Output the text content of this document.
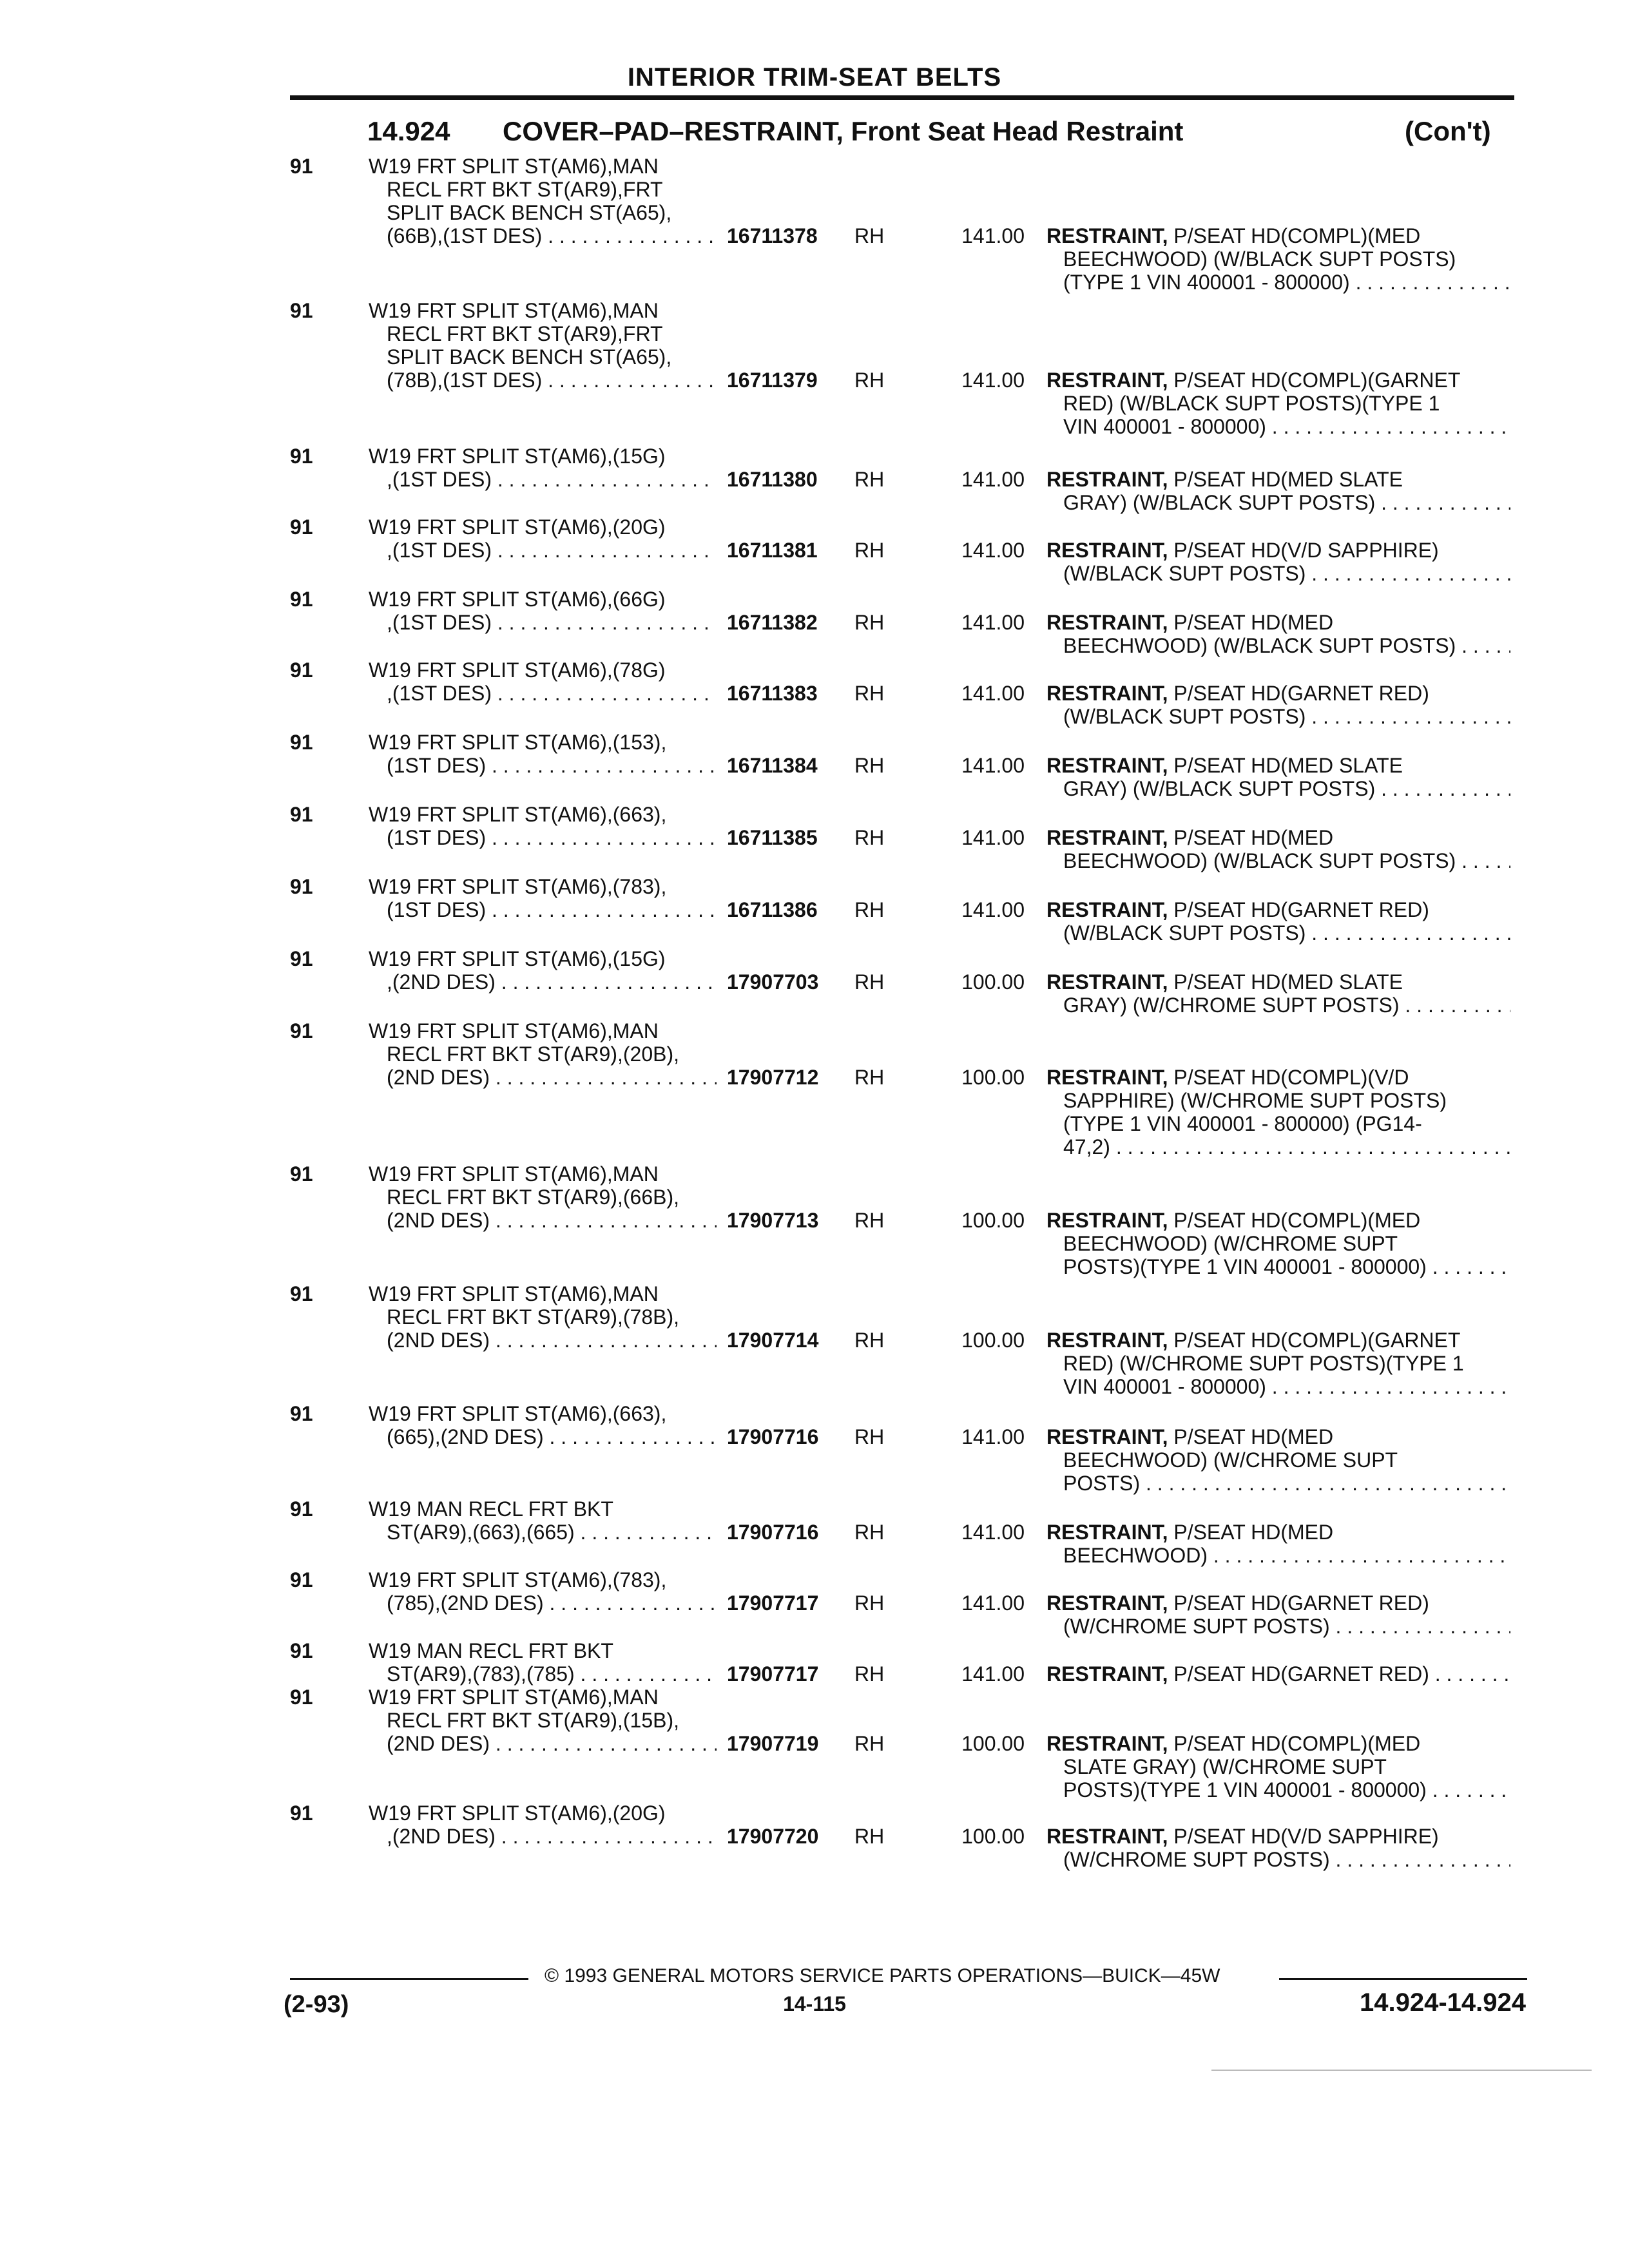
INTERIOR TRIM-SEAT BELTS
14.924 COVER–PAD–RESTRAINT, Front Seat Head Restraint	(Con't)
91	W19 FRT SPLIT ST(AM6),MAN
RECL FRT BKT ST(AR9),FRT
SPLIT BACK BENCH ST(A65),
(66B),(1ST DES) . . .	16711378	RH	141.00 RESTRAINT, P/SEAT HD(COMPL)(MED
BEECHWOOD) (W/BLACK SUPT POSTS)
(TYPE 1 VIN 400001 - 800000) . . .
91	W19 FRT SPLIT ST(AM6),MAN
RECL FRT BKT ST(AR9),FRT
SPLIT BACK BENCH ST(A65),
(78B),(1ST DES) . . .	16711379	RH	141.00 RESTRAINT, P/SEAT HD(COMPL)(GARNET
RED) (W/BLACK SUPT POSTS)(TYPE 1
VIN 400001 - 800000) . . .
91	W19 FRT SPLIT ST(AM6),(15G)
,(1ST DES) . . .	16711380	RH	141.00 RESTRAINT, P/SEAT HD(MED SLATE
GRAY) (W/BLACK SUPT POSTS) . . .
91	W19 FRT SPLIT ST(AM6),(20G)
,(1ST DES) . . .	16711381	RH	141.00 RESTRAINT, P/SEAT HD(V/D SAPPHIRE)
(W/BLACK SUPT POSTS) . . .
91	W19 FRT SPLIT ST(AM6),(66G)
,(1ST DES) . . .	16711382	RH	141.00 RESTRAINT, P/SEAT HD(MED
BEECHWOOD) (W/BLACK SUPT POSTS) . . .
91	W19 FRT SPLIT ST(AM6),(78G)
,(1ST DES) . . .	16711383	RH	141.00 RESTRAINT, P/SEAT HD(GARNET RED)
(W/BLACK SUPT POSTS) . . .
91	W19 FRT SPLIT ST(AM6),(153),
(1ST DES) . . .	16711384	RH	141.00 RESTRAINT, P/SEAT HD(MED SLATE
GRAY) (W/BLACK SUPT POSTS) . . .
91	W19 FRT SPLIT ST(AM6),(663),
(1ST DES) . . .	16711385	RH	141.00 RESTRAINT, P/SEAT HD(MED
BEECHWOOD) (W/BLACK SUPT POSTS) . . .
91	W19 FRT SPLIT ST(AM6),(783),
(1ST DES) . . .	16711386	RH	141.00 RESTRAINT, P/SEAT HD(GARNET RED)
(W/BLACK SUPT POSTS) . . .
91	W19 FRT SPLIT ST(AM6),(15G)
,(2ND DES) . . .	17907703	RH	100.00 RESTRAINT, P/SEAT HD(MED SLATE
GRAY) (W/CHROME SUPT POSTS) . . .
91	W19 FRT SPLIT ST(AM6),MAN
RECL FRT BKT ST(AR9),(20B),
(2ND DES) . . .	17907712	RH	100.00 RESTRAINT, P/SEAT HD(COMPL)(V/D
SAPPHIRE) (W/CHROME SUPT POSTS)
(TYPE 1 VIN 400001 - 800000) (PG14-
47,2) . . .
91	W19 FRT SPLIT ST(AM6),MAN
RECL FRT BKT ST(AR9),(66B),
(2ND DES) . . .	17907713	RH	100.00 RESTRAINT, P/SEAT HD(COMPL)(MED
BEECHWOOD) (W/CHROME SUPT
POSTS)(TYPE 1 VIN 400001 - 800000) . . .
91	W19 FRT SPLIT ST(AM6),MAN
RECL FRT BKT ST(AR9),(78B),
(2ND DES) . . .	17907714	RH	100.00 RESTRAINT, P/SEAT HD(COMPL)(GARNET
RED) (W/CHROME SUPT POSTS)(TYPE 1
VIN 400001 - 800000) . . .
91	W19 FRT SPLIT ST(AM6),(663),
(665),(2ND DES) . . .	17907716	RH	141.00 RESTRAINT, P/SEAT HD(MED
BEECHWOOD) (W/CHROME SUPT
POSTS) . . .
91	W19 MAN RECL FRT BKT
ST(AR9),(663),(665) . . .	17907716	RH	141.00 RESTRAINT, P/SEAT HD(MED
BEECHWOOD) . . .
91	W19 FRT SPLIT ST(AM6),(783),
(785),(2ND DES) . . .	17907717	RH	141.00 RESTRAINT, P/SEAT HD(GARNET RED)
(W/CHROME SUPT POSTS) . . .
91	W19 MAN RECL FRT BKT
ST(AR9),(783),(785) . . .	17907717	RH	141.00 RESTRAINT, P/SEAT HD(GARNET RED) . . .
91	W19 FRT SPLIT ST(AM6),MAN
RECL FRT BKT ST(AR9),(15B),
(2ND DES) . . .	17907719	RH	100.00 RESTRAINT, P/SEAT HD(COMPL)(MED
SLATE GRAY) (W/CHROME SUPT
POSTS)(TYPE 1 VIN 400001 - 800000) . . .
91	W19 FRT SPLIT ST(AM6),(20G)
,(2ND DES) . . .	17907720	RH	100.00 RESTRAINT, P/SEAT HD(V/D SAPPHIRE)
(W/CHROME SUPT POSTS) . . .
© 1993 GENERAL MOTORS SERVICE PARTS OPERATIONS—BUICK—45W
(2-93)	14-115	14.924-14.924
